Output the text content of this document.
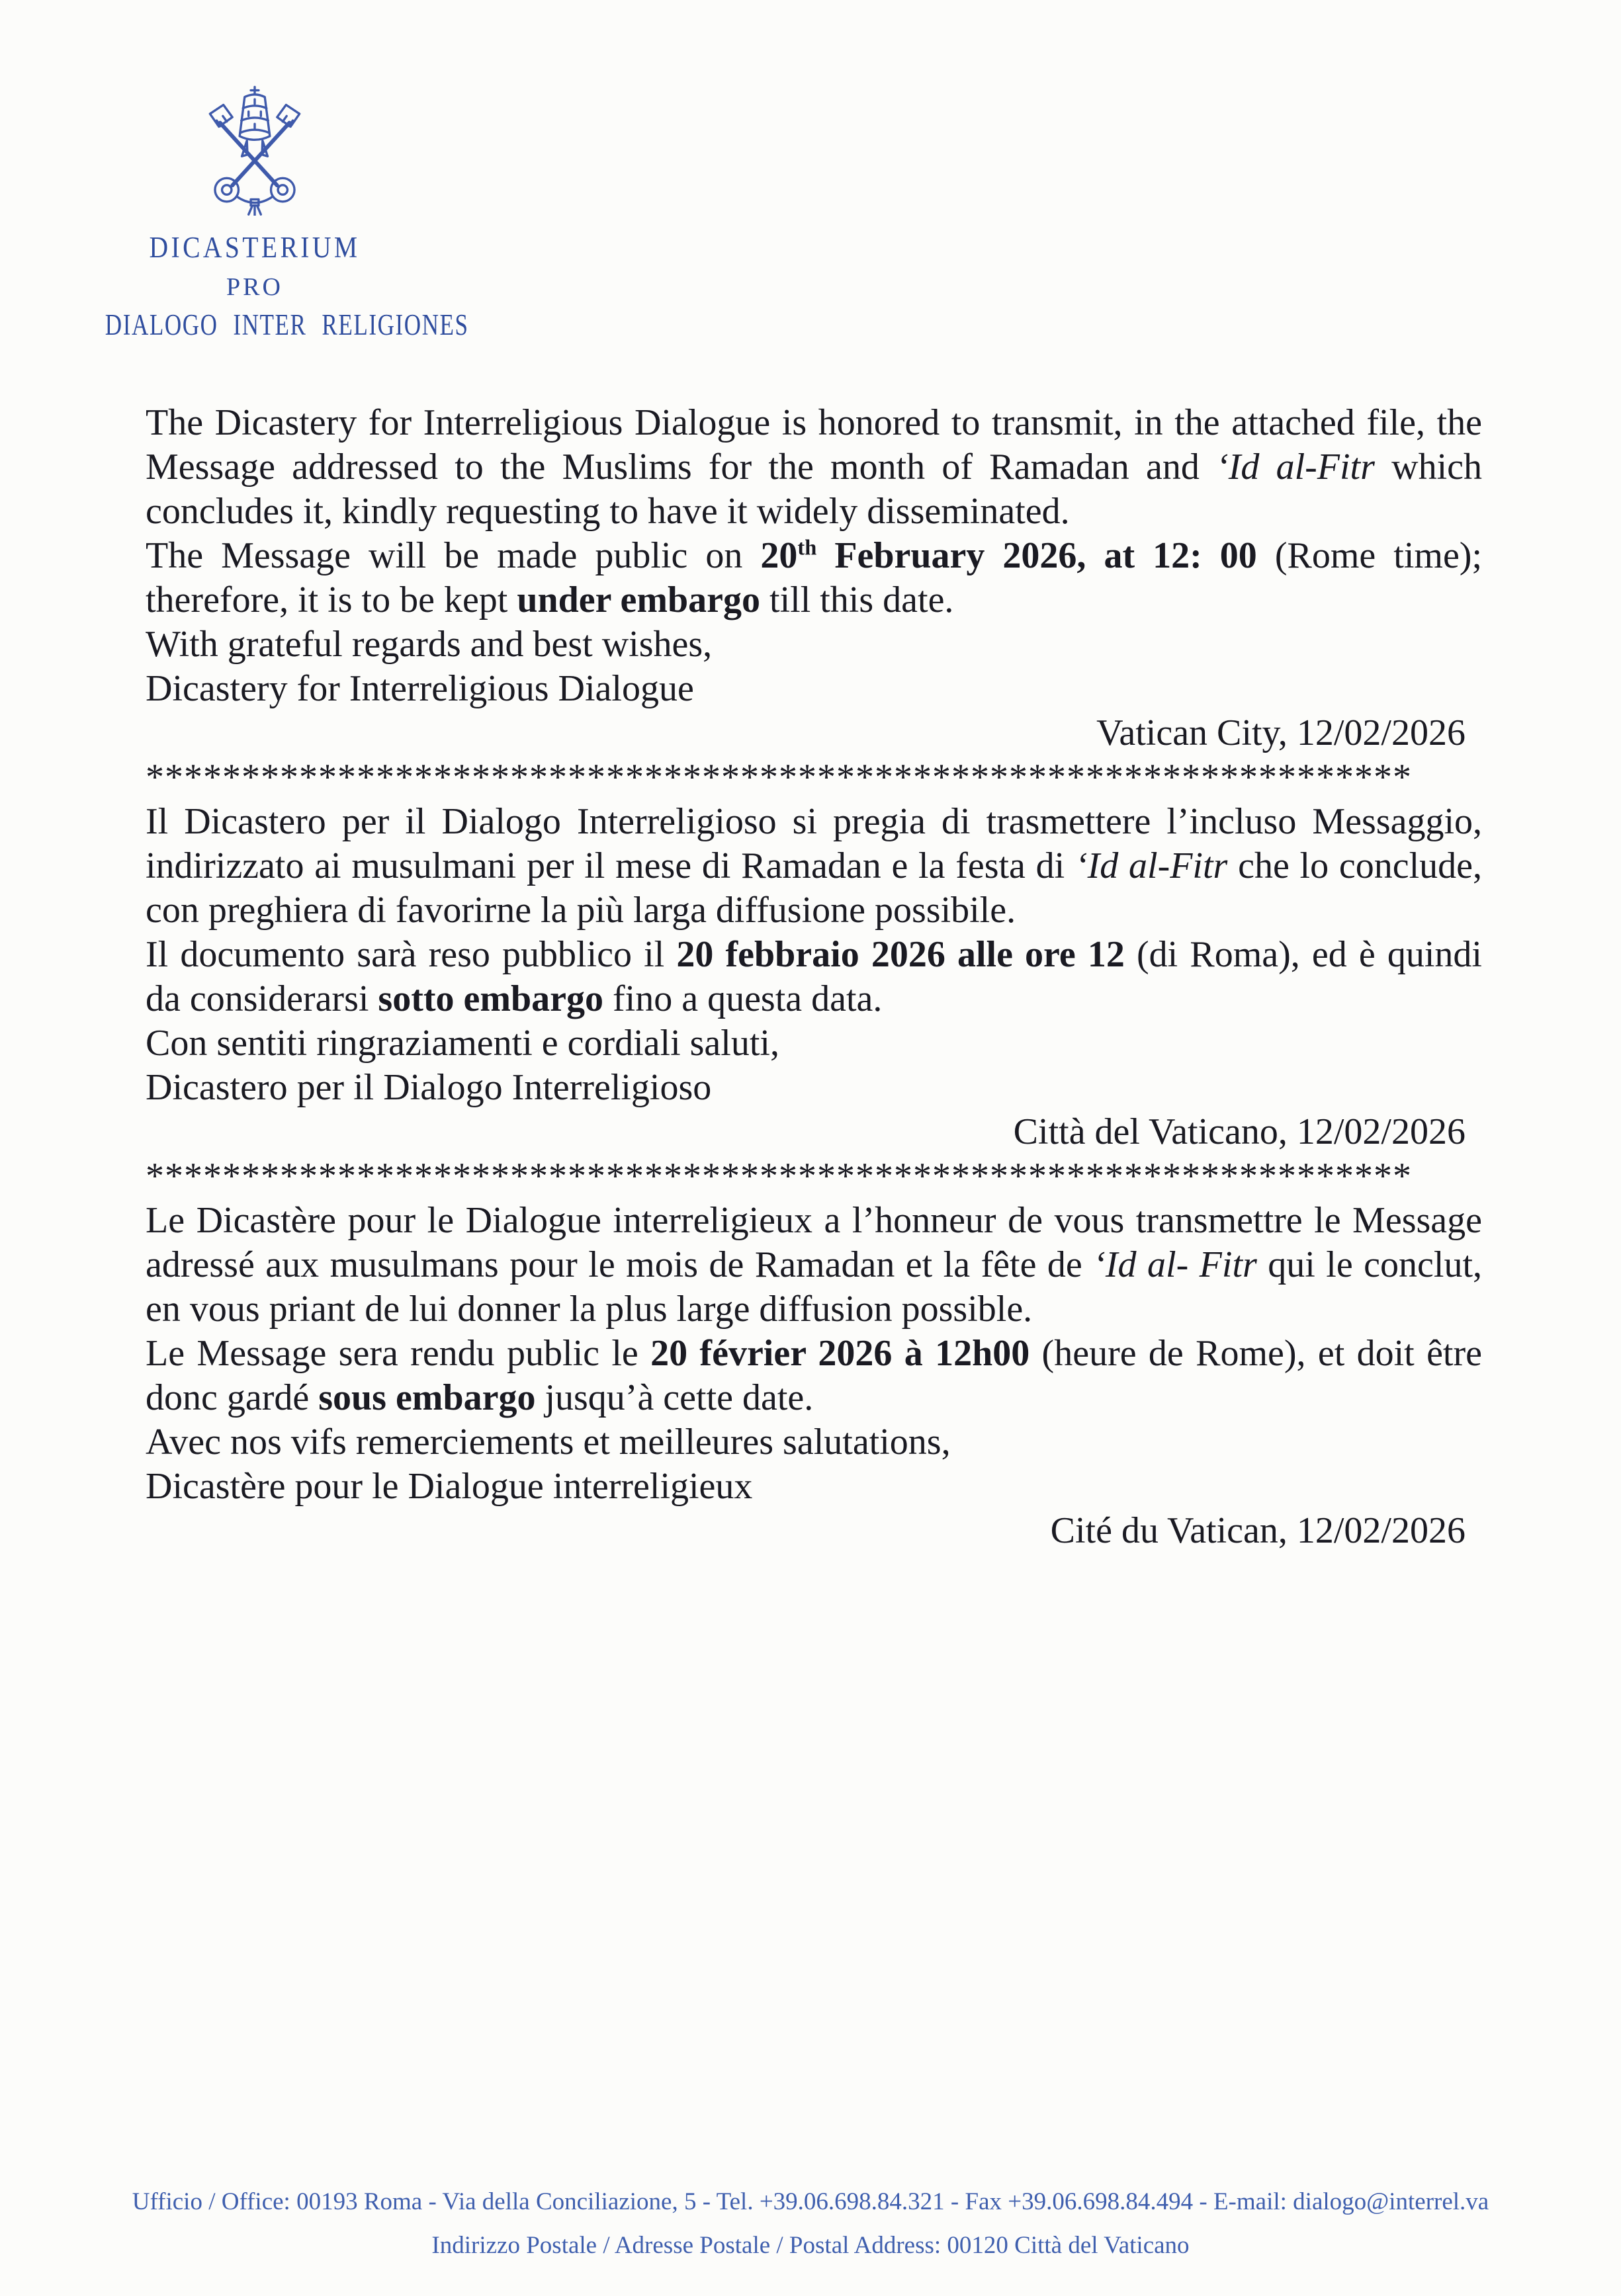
DICASTERIUM
PRO
DIALOGO INTER RELIGIONES

The Dicastery for Interreligious Dialogue is honored to transmit, in the attached file, the Message addressed to the Muslims for the month of Ramadan and ‘Id al-Fitr which concludes it, kindly requesting to have it widely disseminated.

The Message will be made public on 20th February 2026, at 12: 00 (Rome time); therefore, it is to be kept under embargo till this date.

With grateful regards and best wishes,

Dicastery for Interreligious Dialogue

Vatican City, 12/02/2026

******************************************************************

Il Dicastero per il Dialogo Interreligioso si pregia di trasmettere l’incluso Messaggio, indirizzato ai musulmani per il mese di Ramadan e la festa di ‘Id al-Fitr che lo conclude, con preghiera di favorirne la più larga diffusione possibile.

Il documento sarà reso pubblico il 20 febbraio 2026 alle ore 12 (di Roma), ed è quindi da considerarsi sotto embargo fino a questa data.

Con sentiti ringraziamenti e cordiali saluti,

Dicastero per il Dialogo Interreligioso

Città del Vaticano, 12/02/2026

******************************************************************

Le Dicastère pour le Dialogue interreligieux a l’honneur de vous transmettre le Message adressé aux musulmans pour le mois de Ramadan et la fête de ‘Id al- Fitr qui le conclut, en vous priant de lui donner la plus large diffusion possible.

Le Message sera rendu public le 20 février 2026 à 12h00 (heure de Rome), et doit être donc gardé sous embargo jusqu’à cette date.

Avec nos vifs remerciements et meilleures salutations,

Dicastère pour le Dialogue interreligieux

Cité du Vatican, 12/02/2026

Ufficio / Office: 00193 Roma - Via della Conciliazione, 5 - Tel. +39.06.698.84.321 - Fax +39.06.698.84.494 - E-mail: dialogo@interrel.va

Indirizzo Postale / Adresse Postale / Postal Address: 00120 Città del Vaticano
